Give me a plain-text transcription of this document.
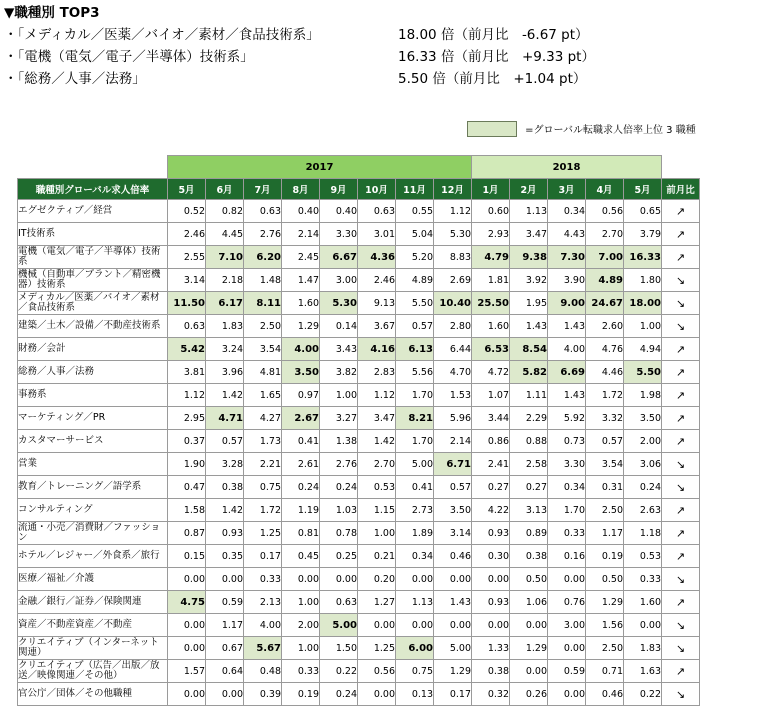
▼職種別 TOP3
・「メディカル／医薬／バイオ／素材／食品技術系」	18.00 倍（前月比　-6.67 pt）
・「電機（電気／電子／半導体）技術系」	16.33 倍（前月比　+9.33 pt）
・「総務／人事／法務」	5.50 倍（前月比　+1.04 pt）
=グローバル転職求人倍率上位 3 職種
	2017								2018					
職種別グローバル求人倍率	5月	6月	7月	8月	9月	10月	11月	12月	1月	2月	3月	4月	5月	前月比
エグゼクティブ／経営	0.52	0.82	0.63	0.40	0.40	0.63	0.55	1.12	0.60	1.13	0.34	0.56	0.65	↗
IT技術系	2.46	4.45	2.76	2.14	3.30	3.01	5.04	5.30	2.93	3.47	4.43	2.70	3.79	↗
電機（電気／電子／半導体）技術系	2.55	7.10	6.20	2.45	6.67	4.36	5.20	8.83	4.79	9.38	7.30	7.00	16.33	↗
機械（自動車／プラント／精密機器）技術系	3.14	2.18	1.48	1.47	3.00	2.46	4.89	2.69	1.81	3.92	3.90	4.89	1.80	↘
メディカル／医薬／バイオ／素材／食品技術系	11.50	6.17	8.11	1.60	5.30	9.13	5.50	10.40	25.50	1.95	9.00	24.67	18.00	↘
建築／土木／設備／不動産技術系	0.63	1.83	2.50	1.29	0.14	3.67	0.57	2.80	1.60	1.43	1.43	2.60	1.00	↘
財務／会計	5.42	3.24	3.54	4.00	3.43	4.16	6.13	6.44	6.53	8.54	4.00	4.76	4.94	↗
総務／人事／法務	3.81	3.96	4.81	3.50	3.82	2.83	5.56	4.70	4.72	5.82	6.69	4.46	5.50	↗
事務系	1.12	1.42	1.65	0.97	1.00	1.12	1.70	1.53	1.07	1.11	1.43	1.72	1.98	↗
マーケティング／PR	2.95	4.71	4.27	2.67	3.27	3.47	8.21	5.96	3.44	2.29	5.92	3.32	3.50	↗
カスタマーサービス	0.37	0.57	1.73	0.41	1.38	1.42	1.70	2.14	0.86	0.88	0.73	0.57	2.00	↗
営業	1.90	3.28	2.21	2.61	2.76	2.70	5.00	6.71	2.41	2.58	3.30	3.54	3.06	↘
教育／トレーニング／語学系	0.47	0.38	0.75	0.24	0.24	0.53	0.41	0.57	0.27	0.27	0.34	0.31	0.24	↘
コンサルティング	1.58	1.42	1.72	1.19	1.03	1.15	2.73	3.50	4.22	3.13	1.70	2.50	2.63	↗
流通・小売／消費財／ファッション	0.87	0.93	1.25	0.81	0.78	1.00	1.89	3.14	0.93	0.89	0.33	1.17	1.18	↗
ホテル／レジャー／外食系／旅行	0.15	0.35	0.17	0.45	0.25	0.21	0.34	0.46	0.30	0.38	0.16	0.19	0.53	↗
医療／福祉／介護	0.00	0.00	0.33	0.00	0.00	0.20	0.00	0.00	0.00	0.50	0.00	0.50	0.33	↘
金融／銀行／証券／保険関連	4.75	0.59	2.13	1.00	0.63	1.27	1.13	1.43	0.93	1.06	0.76	1.29	1.60	↗
資産／不動産資産／不動産	0.00	1.17	4.00	2.00	5.00	0.00	0.00	0.00	0.00	0.00	3.00	1.56	0.00	↘
クリエイティブ（インターネット関連）	0.00	0.67	5.67	1.00	1.50	1.25	6.00	5.00	1.33	1.29	0.00	2.50	1.83	↘
クリエイティブ（広告／出版／放送／映像関連／その他）	1.57	0.64	0.48	0.33	0.22	0.56	0.75	1.29	0.38	0.00	0.59	0.71	1.63	↗
官公庁／団体／その他職種	0.00	0.00	0.39	0.19	0.24	0.00	0.13	0.17	0.32	0.26	0.00	0.46	0.22	↘
